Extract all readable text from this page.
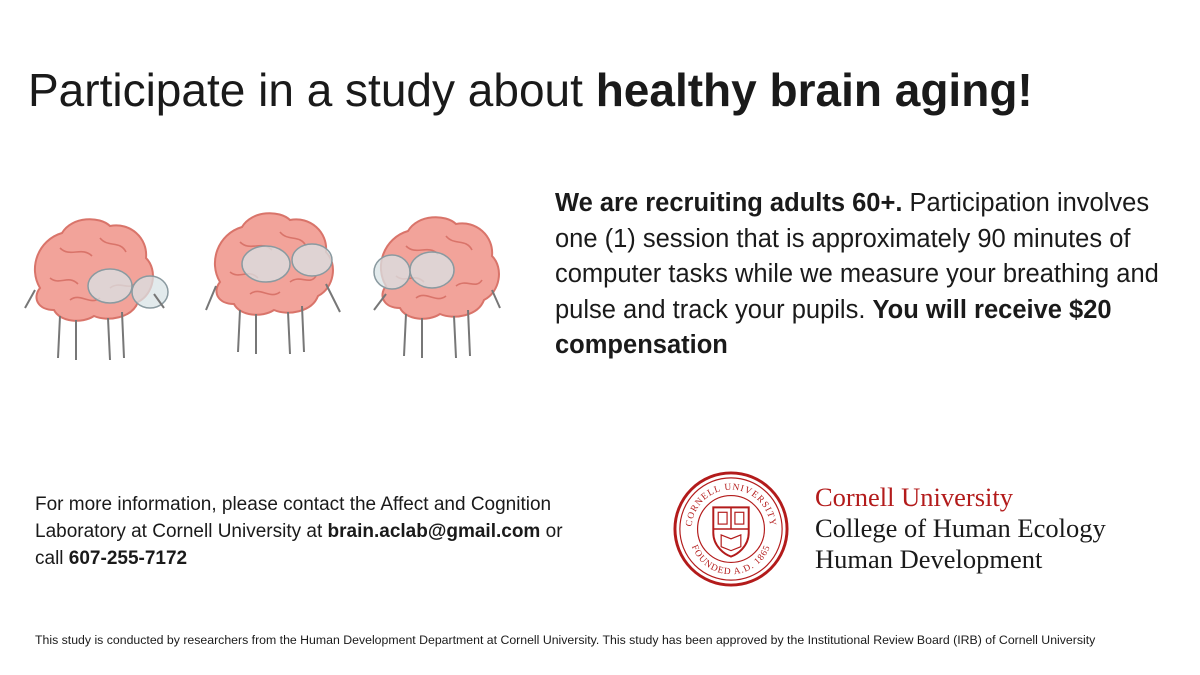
Participate in a study about healthy brain aging!
We are recruiting adults 60+. Participation involves one (1) session that is approximately 90 minutes of computer tasks while we measure your breathing and pulse and track your pupils. You will receive $20 compensation
For more information, please contact the Affect and Cognition Laboratory at Cornell University at brain.aclab@gmail.com or call 607-255-7172
CORNELL UNIVERSITY
FOUNDED A.D. 1865
Cornell University
College of Human Ecology
Human Development
This study is conducted by researchers from the Human Development Department at Cornell University. This study has been approved by the Institutional Review Board (IRB) of Cornell University
